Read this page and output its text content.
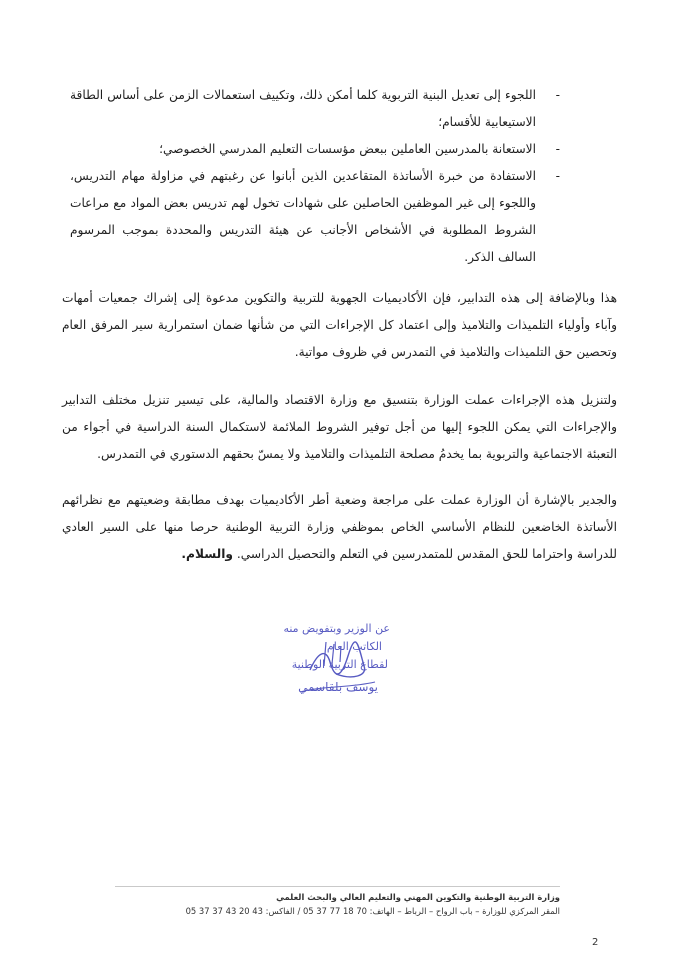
-
اللجوء إلى تعديل البنية التربوية كلما أمكن ذلك، وتكييف استعمالات الزمن على أساس الطاقة الاستيعابية للأقسام؛
-
الاستعانة بالمدرسين العاملين ببعض مؤسسات التعليم المدرسي الخصوصي؛
-
الاستفادة من خبرة الأساتذة المتقاعدين الذين أبانوا عن رغبتهم في مزاولة مهام التدريس، واللجوء إلى غير الموظفين الحاصلين على شهادات تخول لهم تدريس بعض المواد مع مراعات الشروط المطلوبة في الأشخاص الأجانب عن هيئة التدريس والمحددة بموجب المرسوم السالف الذكر.

هذا وبالإضافة إلى هذه التدابير، فإن الأكاديميات الجهوية للتربية والتكوين مدعوة إلى إشراك جمعيات أمهات وآباء وأولياء التلميذات والتلاميذ وإلى اعتماد كل الإجراءات التي من شأنها ضمان استمرارية سير المرفق العام وتحصين حق التلميذات والتلاميذ في التمدرس في ظروف مواتية.

ولتنزيل هذه الإجراءات عملت الوزارة بتنسيق مع وزارة الاقتصاد والمالية، على تيسير تنزيل مختلف التدابير والإجراءات التي يمكن اللجوء إليها من أجل توفير الشروط الملائمة لاستكمال السنة الدراسية في أجواء من التعبئة الاجتماعية والتربوية بما يخدمُ مصلحة التلميذات والتلاميذ ولا يمسّ بحقهم الدستوري في التمدرس.

والجدير بالإشارة أن الوزارة عملت على مراجعة وضعية أطر الأكاديميات بهدف مطابقة وضعيتهم مع نظرائهم الأساتذة الخاضعين للنظام الأساسي الخاص بموظفي وزارة التربية الوطنية حرصا منها على السير العادي للدراسة واحتراما للحق المقدس للمتمدرسين في التعلم والتحصيل الدراسي. والسلام.

عن الوزير وبتفويض منه
الكاتب العام
لقطاع التربية الوطنية
يوسف بلقاسمي
وزارة التربية الوطنية والتكوين المهني والتعليم العالي والبحث العلمي
المقر المركزي للوزارة – باب الرواح – الرباط – الهاتف: 70 18 77 37 05 / الفاكس: 43 20 43 37 37 05
2
